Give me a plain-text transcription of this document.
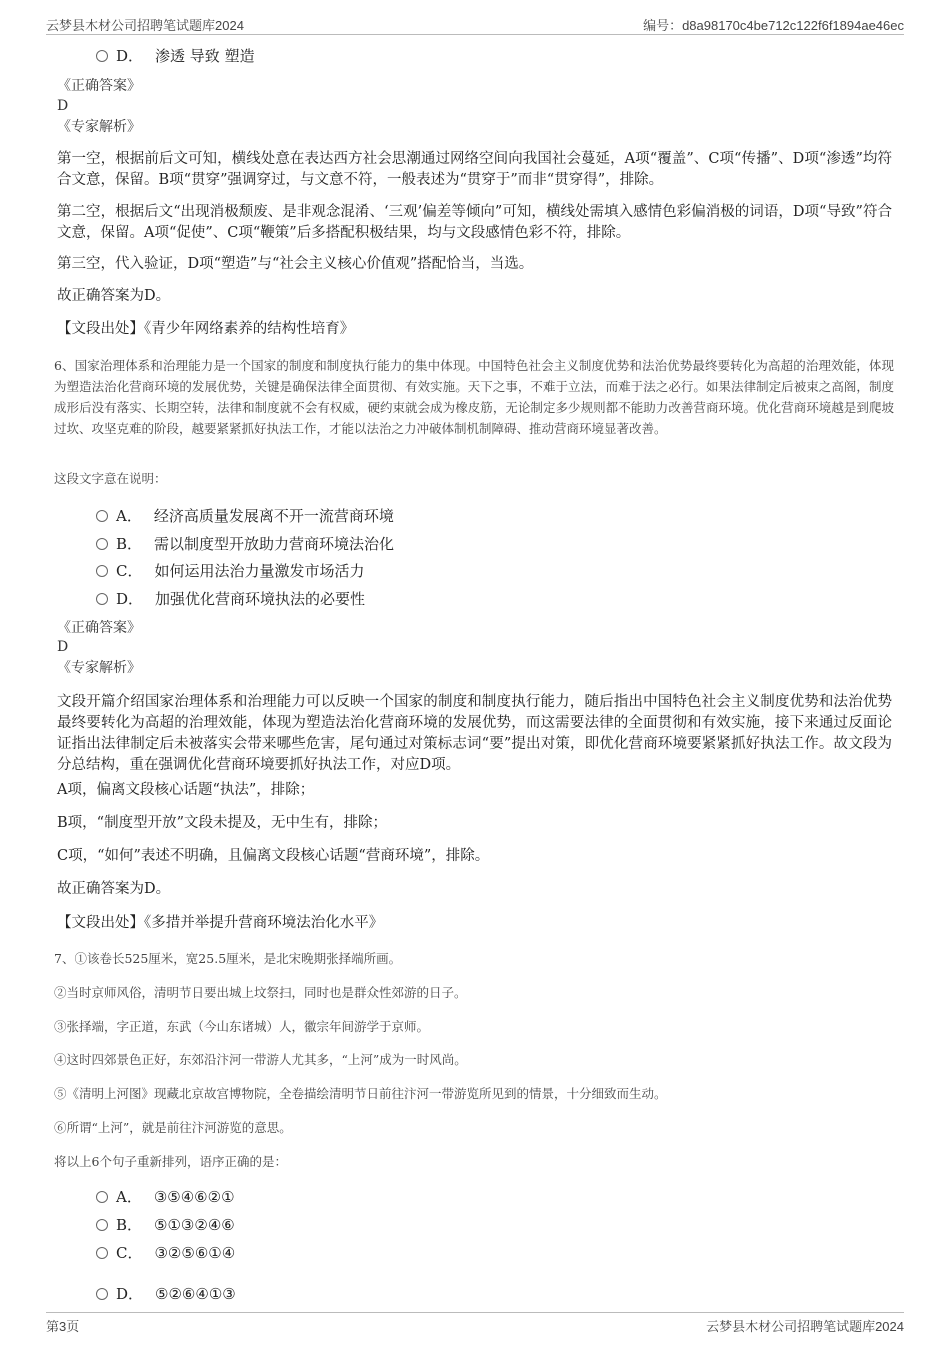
云梦县木材公司招聘笔试题库2024	编号：d8a98170c4be712c122f6f1894ae46ec
D． 渗透 导致 塑造
《正确答案》
D
《专家解析》
第一空，根据前后文可知，横线处意在表达西方社会思潮通过网络空间向我国社会蔓延，A项“覆盖”、C项“传播”、D项“渗透”均符合文意，保留。B项“贯穿”强调穿过，与文意不符，一般表述为“贯穿于”而非“贯穿得”，排除。
第二空，根据后文“出现消极颓废、是非观念混淆、‘三观’偏差等倾向”可知，横线处需填入感情色彩偏消极的词语，D项“导致”符合文意，保留。A项“促使”、C项“鞭策”后多搭配积极结果，均与文段感情色彩不符，排除。
第三空，代入验证，D项“塑造”与“社会主义核心价值观”搭配恰当，当选。
故正确答案为D。
【文段出处】《青少年网络素养的结构性培育》
6、国家治理体系和治理能力是一个国家的制度和制度执行能力的集中体现。中国特色社会主义制度优势和法治优势最终要转化为高超的治理效能，体现为塑造法治化营商环境的发展优势，关键是确保法律全面贯彻、有效实施。天下之事，不难于立法，而难于法之必行。如果法律制定后被束之高阁，制度成形后没有落实、长期空转，法律和制度就不会有权威，硬约束就会成为橡皮筋，无论制定多少规则都不能助力改善营商环境。优化营商环境越是到爬坡过坎、攻坚克难的阶段，越要紧紧抓好执法工作，才能以法治之力冲破体制机制障碍、推动营商环境显著改善。
这段文字意在说明：
A． 经济高质量发展离不开一流营商环境
B． 需以制度型开放助力营商环境法治化
C． 如何运用法治力量激发市场活力
D． 加强优化营商环境执法的必要性
《正确答案》
D
《专家解析》
文段开篇介绍国家治理体系和治理能力可以反映一个国家的制度和制度执行能力，随后指出中国特色社会主义制度优势和法治优势最终要转化为高超的治理效能，体现为塑造法治化营商环境的发展优势，而这需要法律的全面贯彻和有效实施，接下来通过反面论证指出法律制定后未被落实会带来哪些危害，尾句通过对策标志词“要”提出对策，即优化营商环境要紧紧抓好执法工作。故文段为分总结构，重在强调优化营商环境要抓好执法工作，对应D项。
A项，偏离文段核心话题“执法”，排除；
B项，“制度型开放”文段未提及，无中生有，排除；
C项，“如何”表述不明确，且偏离文段核心话题“营商环境”，排除。
故正确答案为D。
【文段出处】《多措并举提升营商环境法治化水平》
7、①该卷长525厘米，宽25.5厘米，是北宋晚期张择端所画。
②当时京师风俗，清明节日要出城上坟祭扫，同时也是群众性郊游的日子。
③张择端，字正道，东武（今山东诸城）人，徽宗年间游学于京师。
④这时四郊景色正好，东郊沿汴河一带游人尤其多，“上河”成为一时风尚。
⑤《清明上河图》现藏北京故宫博物院，全卷描绘清明节日前往汴河一带游览所见到的情景，十分细致而生动。
⑥所谓“上河”，就是前往汴河游览的意思。
将以上6个句子重新排列，语序正确的是：
A． ③⑤④⑥②①
B． ⑤①③②④⑥
C． ③②⑤⑥①④
D． ⑤②⑥④①③
第3页	云梦县木材公司招聘笔试题库2024
